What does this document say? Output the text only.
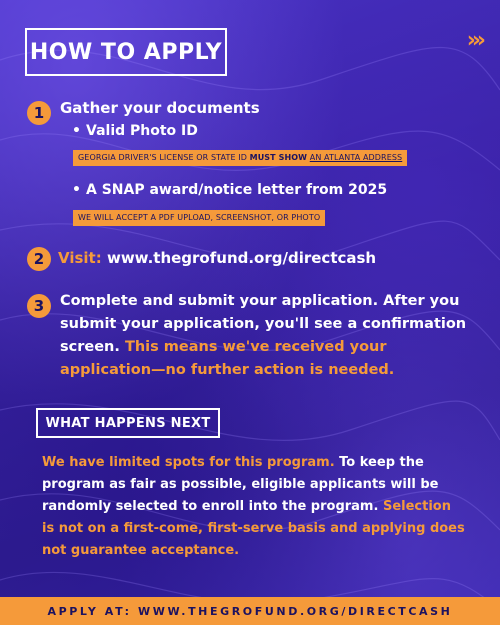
HOW TO APPLY	›››
1	Gather your documents
• Valid Photo ID
GEORGIA DRIVER'S LICENSE OR STATE ID MUST SHOW AN ATLANTA ADDRESS
• A SNAP award/notice letter from 2025
WE WILL ACCEPT A PDF UPLOAD, SCREENSHOT, OR PHOTO
2 Visit: www.thegrofund.org/directcash
3	Complete and submit your application. After you submit your application, you'll see a confirmation screen. This means we've received your application—no further action is needed.
WHAT HAPPENS NEXT
We have limited spots for this program. To keep the program as fair as possible, eligible applicants will be randomly selected to enroll into the program. Selection is not on a first-come, first-serve basis and applying does not guarantee acceptance.
APPLY AT: WWW.THEGROFUND.ORG/DIRECTCASH
